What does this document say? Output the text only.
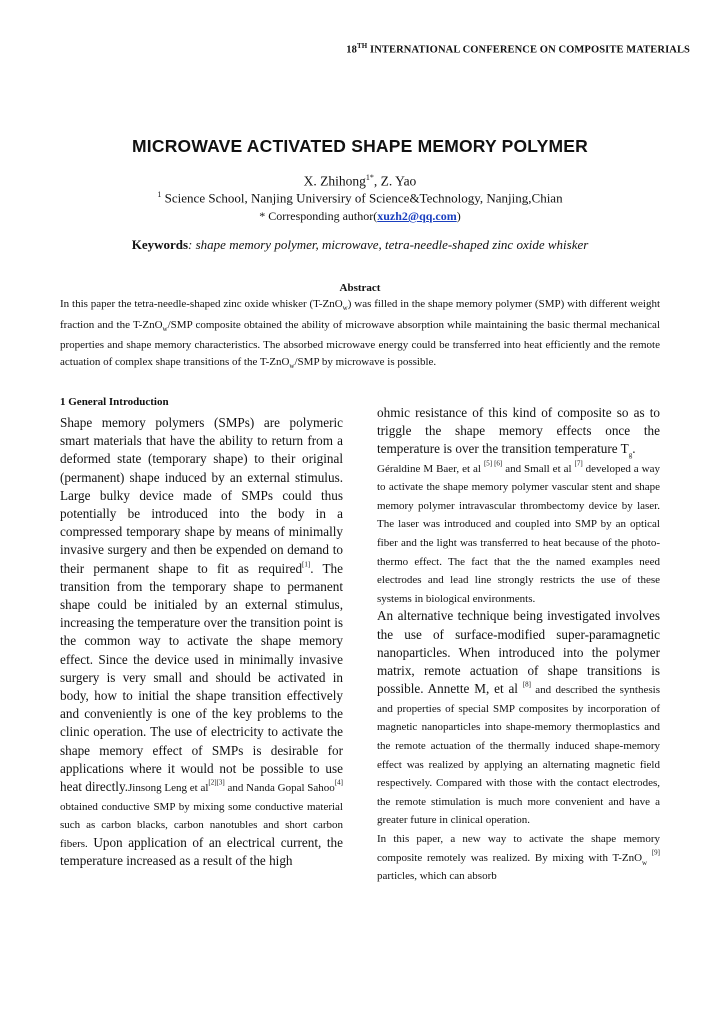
18TH INTERNATIONAL CONFERENCE ON COMPOSITE MATERIALS
MICROWAVE ACTIVATED SHAPE MEMORY POLYMER
X. Zhihong$^{1*}$, Z. Yao
$^1$ Science School, Nanjing Universiry of Science&Technology, Nanjing,Chian
* Corresponding author(xuzh2@qq.com)
Keywords: shape memory polymer, microwave, tetra-needle-shaped zinc oxide whisker
Abstract
In this paper the tetra-needle-shaped zinc oxide whisker (T-ZnO$_w$) was filled in the shape memory polymer (SMP) with different weight fraction and the T-ZnO$_w$/SMP composite obtained the ability of microwave absorption while maintaining the basic thermal mechanical properties and shape memory characteristics. The absorbed microwave energy could be transferred into heat efficiently and the remote actuation of complex shape transitions of the T-ZnO$_w$/SMP by microwave is possible.
1 General Introduction

Shape memory polymers (SMPs) are polymeric smart materials that have the ability to return from a deformed state (temporary shape) to their original (permanent) shape induced by an external stimulus. Large bulky device made of SMPs could thus potentially be introduced into the body in a compressed temporary shape by means of minimally invasive surgery and then be expended on demand to their permanent shape to fit as required[1]. The transition from the temporary shape to permanent shape could be initialed by an external stimulus, increasing the temperature over the transition point is the common way to activate the shape memory effect. Since the device used in minimally invasive surgery is very small and should be activated in body, how to initial the shape transition effectively and conveniently is one of the key problems to the clinic operation. The use of electricity to activate the shape memory effect of SMPs is desirable for applications where it would not be possible to use heat directly.Jinsong Leng et al[2][3] and Nanda Gopal Sahoo[4] obtained conductive SMP by mixing some conductive material such as carbon blacks, carbon nanotubles and short carbon fibers. Upon application of an electrical current, the temperature increased as a result of the high

ohmic resistance of this kind of composite so as to triggle the shape memory effects once the temperature is over the transition temperature $T_g$.

Géraldine M Baer, et al [5] [6] and Small et al [7] developed a way to activate the shape memory polymer vascular stent and shape memory polymer intravascular thrombectomy device by laser. The laser was introduced and coupled into SMP by an optical fiber and the light was transferred to heat because of the photo-thermo effect. The fact that the the named examples need electrodes and lead line strongly restricts the use of these systems in biological environments.

An alternative technique being investigated involves the use of surface-modified super-paramagnetic nanoparticles. When introduced into the polymer matrix, remote actuation of shape transitions is possible. Annette M, et al [8] and described the synthesis and properties of special SMP composites by incorporation of magnetic nanoparticles into shape-memory thermoplastics and the remote actuation of the thermally induced shape-memory effect was realized by applying an alternating magnetic field respectively. Compared with those with the contact electrodes, the remote stimulation is much more convenient and have a greater future in clinical operation.

In this paper, a new way to activate the shape memory composite remotely was realized. By mixing with T-ZnO$_w$ [9] particles, which can absorb
